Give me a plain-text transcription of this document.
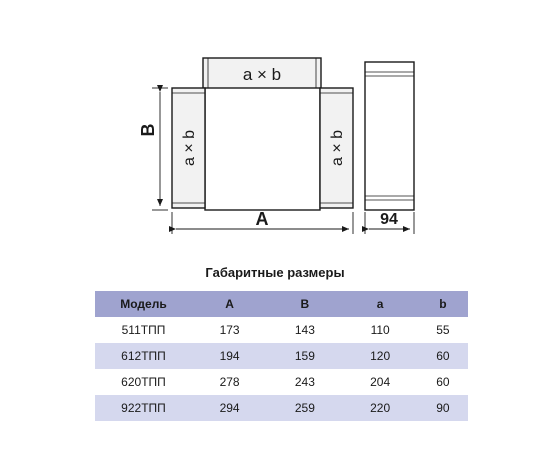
a × b
a × b	a × b
B
A	94
Габаритные размеры
Модель	A	B	a	b
511ТПП	173	143	110	55
612ТПП	194	159	120	60
620ТПП	278	243	204	60
922ТПП	294	259	220	90
